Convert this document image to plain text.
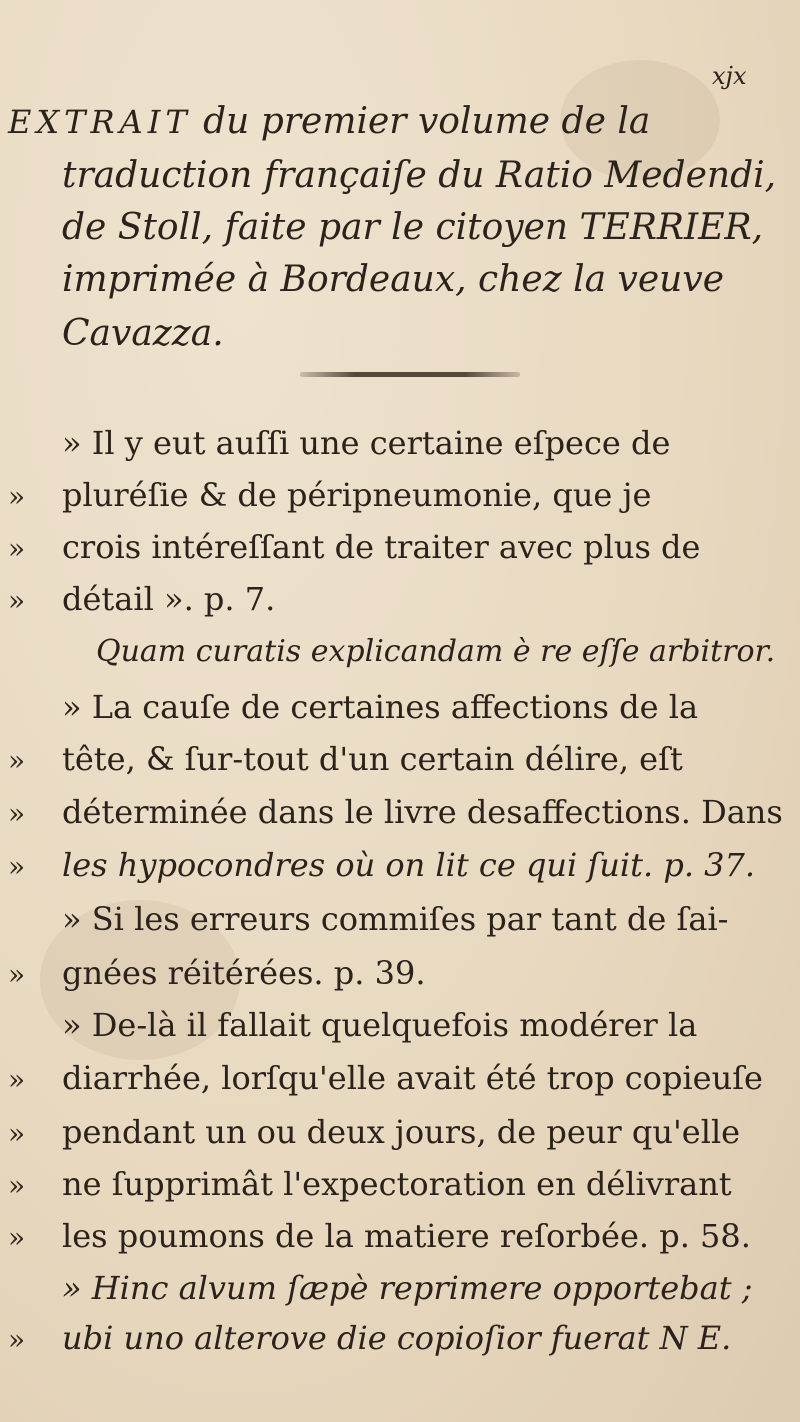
xjx
EXTRAIT du premier volume de la
traduction françaiſe du Ratio Medendi,
de Stoll, faite par le citoyen TERRIER,
imprimée à Bordeaux, chez la veuve
Cavazza.
» Il y eut auſſi une certaine eſpece de
» pluréſie & de péripneumonie, que je
» crois intéreſſant de traiter avec plus de
» détail ». p. 7.
Quam curatis explicandam è re eſſe arbitror.
» La cauſe de certaines affections de la
» tête, & ſur-tout d'un certain délire, eſt
» déterminée dans le livre desaffections. Dans
» les hypocondres où on lit ce qui ſuit. p. 37.
» Si les erreurs commiſes par tant de ſai-
» gnées réitérées. p. 39.
» De-là il fallait quelquefois modérer la
» diarrhée, lorſqu'elle avait été trop copieuſe
» pendant un ou deux jours, de peur qu'elle
» ne ſupprimât l'expectoration en délivrant
» les poumons de la matiere reſorbée. p. 58.
» Hinc alvum ſæpè reprimere opportebat ;
» ubi uno alterove die copioſior fuerat N E.
